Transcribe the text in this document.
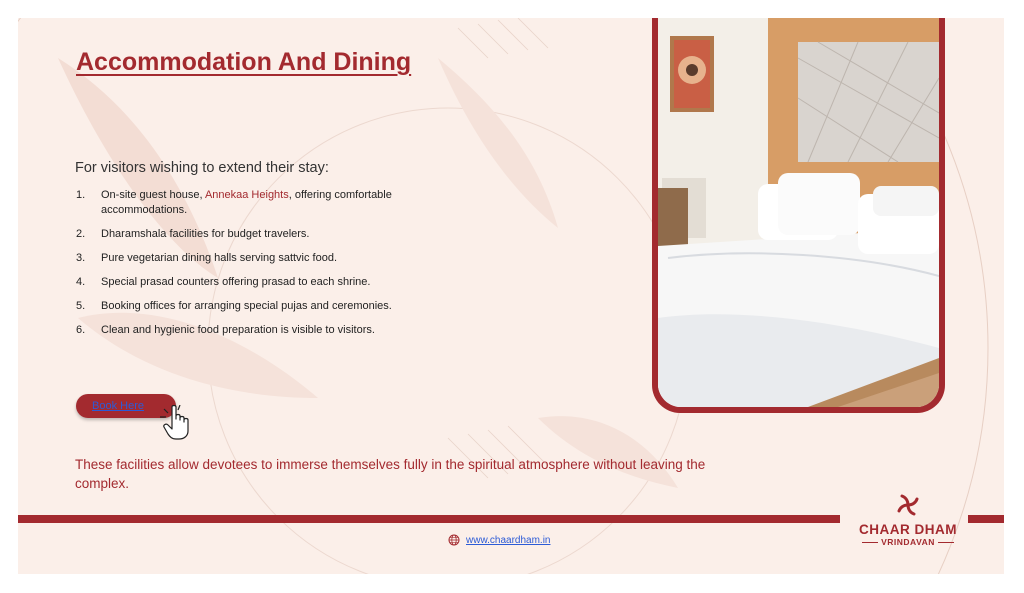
Accommodation And Dining

For visitors wishing to extend their stay:

1.	On-site guest house, Annekaa Heights, offering comfortable accommodations.
2.	Dharamshala facilities for budget travelers.
3.	Pure vegetarian dining halls serving sattvic food.
4.	Special prasad counters offering prasad to each shrine.
5.	Booking offices for arranging special pujas and ceremonies.
6.	Clean and hygienic food preparation is visible to visitors.
Book Here

These facilities allow devotees to immerse themselves fully in the spiritual atmosphere without leaving the complex.

CHAAR DHAM
VRINDAVAN
www.chaardham.in
